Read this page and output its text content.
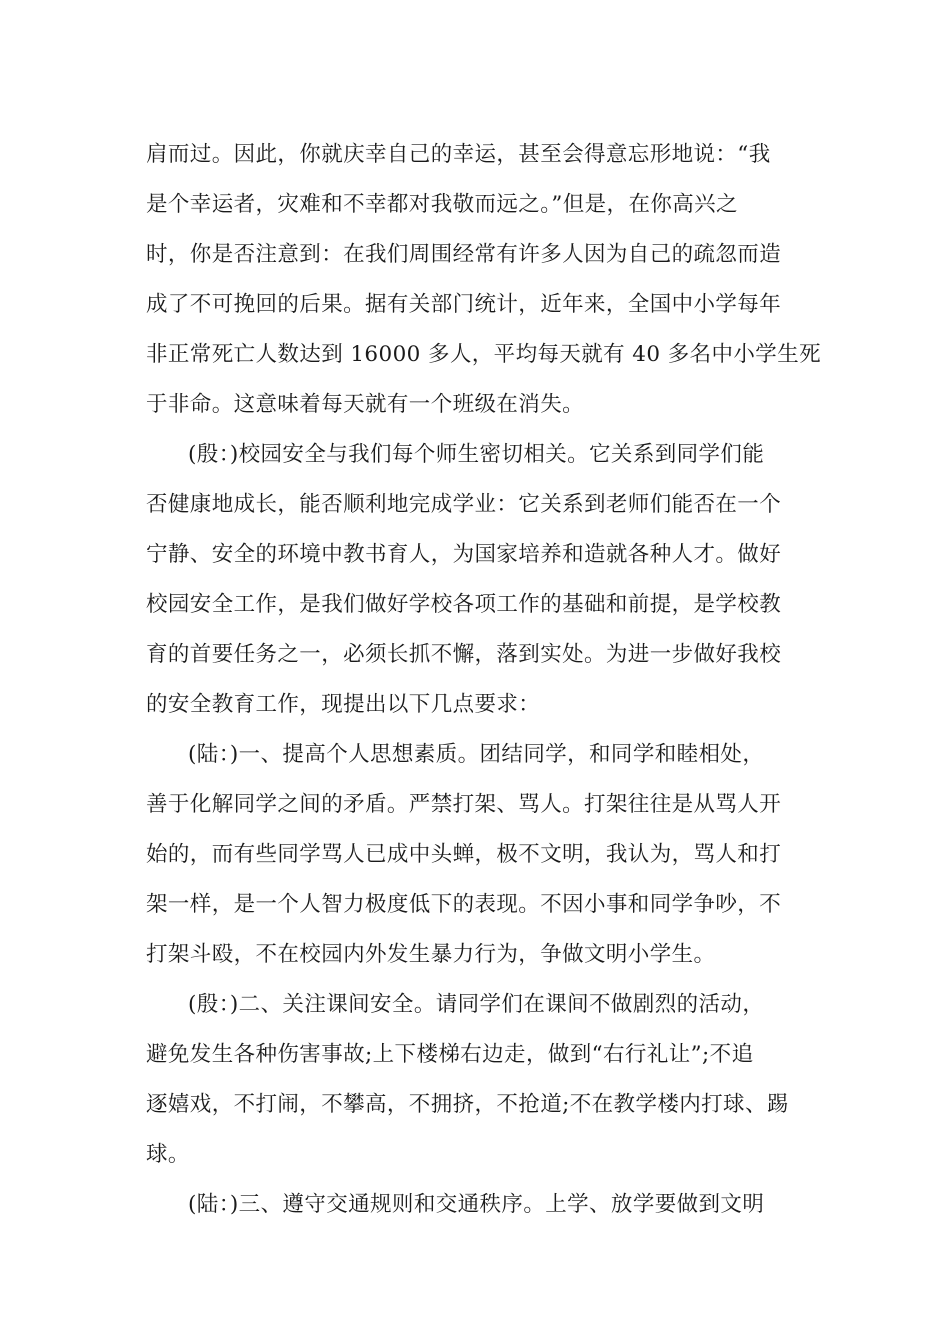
肩而过。因此，你就庆幸自己的幸运，甚至会得意忘形地说：“我
是个幸运者，灾难和不幸都对我敬而远之。”但是，在你高兴之
时，你是否注意到：在我们周围经常有许多人因为自己的疏忽而造
成了不可挽回的后果。据有关部门统计，近年来，全国中小学每年
非正常死亡人数达到 16000 多人，平均每天就有 40 多名中小学生死
于非命。这意味着每天就有一个班级在消失。
(殷：)校园安全与我们每个师生密切相关。它关系到同学们能
否健康地成长，能否顺利地完成学业：它关系到老师们能否在一个
宁静、安全的环境中教书育人，为国家培养和造就各种人才。做好
校园安全工作，是我们做好学校各项工作的基础和前提，是学校教
育的首要任务之一，必须长抓不懈，落到实处。为进一步做好我校
的安全教育工作，现提出以下几点要求：
(陆：)一、提高个人思想素质。团结同学，和同学和睦相处，
善于化解同学之间的矛盾。严禁打架、骂人。打架往往是从骂人开
始的，而有些同学骂人已成中头蝉，极不文明，我认为，骂人和打
架一样，是一个人智力极度低下的表现。不因小事和同学争吵，不
打架斗殴，不在校园内外发生暴力行为，争做文明小学生。
(殷：)二、关注课间安全。请同学们在课间不做剧烈的活动，
避免发生各种伤害事故;上下楼梯右边走，做到“右行礼让”;不追
逐嬉戏，不打闹，不攀高，不拥挤，不抢道;不在教学楼内打球、踢
球。
(陆：)三、遵守交通规则和交通秩序。上学、放学要做到文明
